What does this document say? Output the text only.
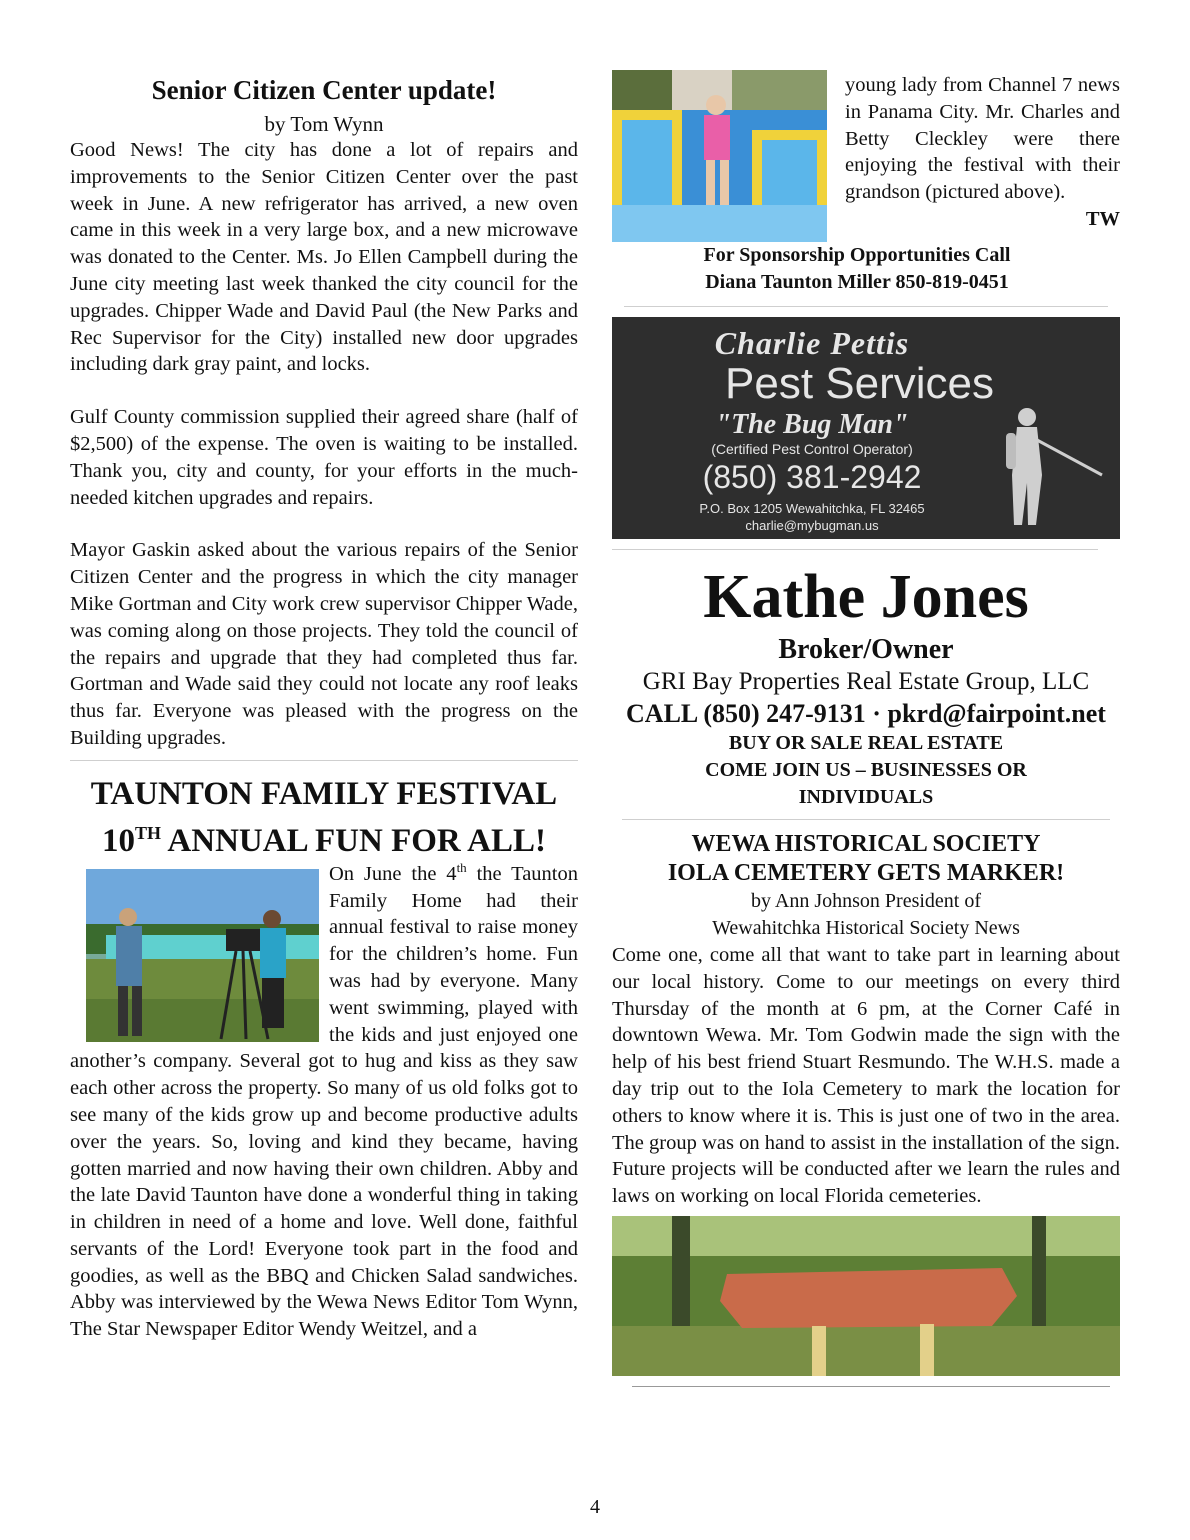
Senior Citizen Center update!
by Tom Wynn

Good News! The city has done a lot of repairs and improvements to the Senior Citizen Center over the past week in June. A new refrigerator has arrived, a new oven came in this week in a very large box, and a new microwave was donated to the Center. Ms. Jo Ellen Campbell during the June city meeting last week thanked the city council for the upgrades. Chipper Wade and David Paul (the New Parks and Rec Supervisor for the City) installed new door upgrades including dark gray paint, and locks.

Gulf County commission supplied their agreed share (half of $2,500) of the expense. The oven is waiting to be installed. Thank you, city and county, for your efforts in the much-needed kitchen upgrades and repairs.

Mayor Gaskin asked about the various repairs of the Senior Citizen Center and the progress in which the city manager Mike Gortman and City work crew supervisor Chipper Wade, was coming along on those projects. They told the council of the repairs and upgrade that they had completed thus far. Gortman and Wade said they could not locate any roof leaks thus far. Everyone was pleased with the progress on the Building upgrades.

TAUNTON FAMILY FESTIVAL
10TH ANNUAL FUN FOR ALL!

On June the 4th
the Taunton Family Home had their annual festival to raise money for the children’s home. Fun was had by everyone. Many went swimming, played with the kids and just enjoyed one another’s company. Several got to hug and kiss as they saw each other across the property. So many of us old folks got to see many of the kids grow up and become productive adults over the years. So, loving and kind they became, having gotten married and now having their own children. Abby and the late David Taunton have done a wonderful thing in taking in children in need of a home and love. Well done, faithful servants of the Lord! Everyone took part in the food and goodies, as well as the BBQ and Chicken Salad sandwiches. Abby was interviewed by the Wewa News Editor Tom Wynn, The Star Newspaper Editor Wendy Weitzel, and a

young lady from Channel 7 news in Panama City. Mr. Charles and Betty Cleckley were there enjoying the festival with their grandson (pictured above).

TW
For Sponsorship Opportunities Call
Diana Taunton Miller 850-819-0451
Charlie Pettis
Pest Services
"The Bug Man"
(Certified Pest Control Operator)
(850) 381-2942
P.O. Box 1205 Wewahitchka, FL 32465
charlie@mybugman.us
Kathe Jones
Broker/Owner
GRI Bay Properties Real Estate Group, LLC
CALL (850) 247-9131 · pkrd@fairpoint.net
BUY OR SALE REAL ESTATE
COME JOIN US – BUSINESSES OR
INDIVIDUALS
WEWA HISTORICAL SOCIETY
IOLA CEMETERY GETS MARKER!
by Ann Johnson President of
Wewahitchka Historical Society News

Come one, come all that want to take part in learning about our local history. Come to our meetings on every third Thursday of the month at 6 pm, at the Corner Café in downtown Wewa. Mr. Tom Godwin made the sign with the help of his best friend Stuart Resmundo. The W.H.S. made a day trip out to the Iola Cemetery to mark the location for others to know where it is. This is just one of two in the area. The group was on hand to assist in the installation of the sign. Future projects will be conducted after we learn the rules and laws on working on local Florida cemeteries.

4
